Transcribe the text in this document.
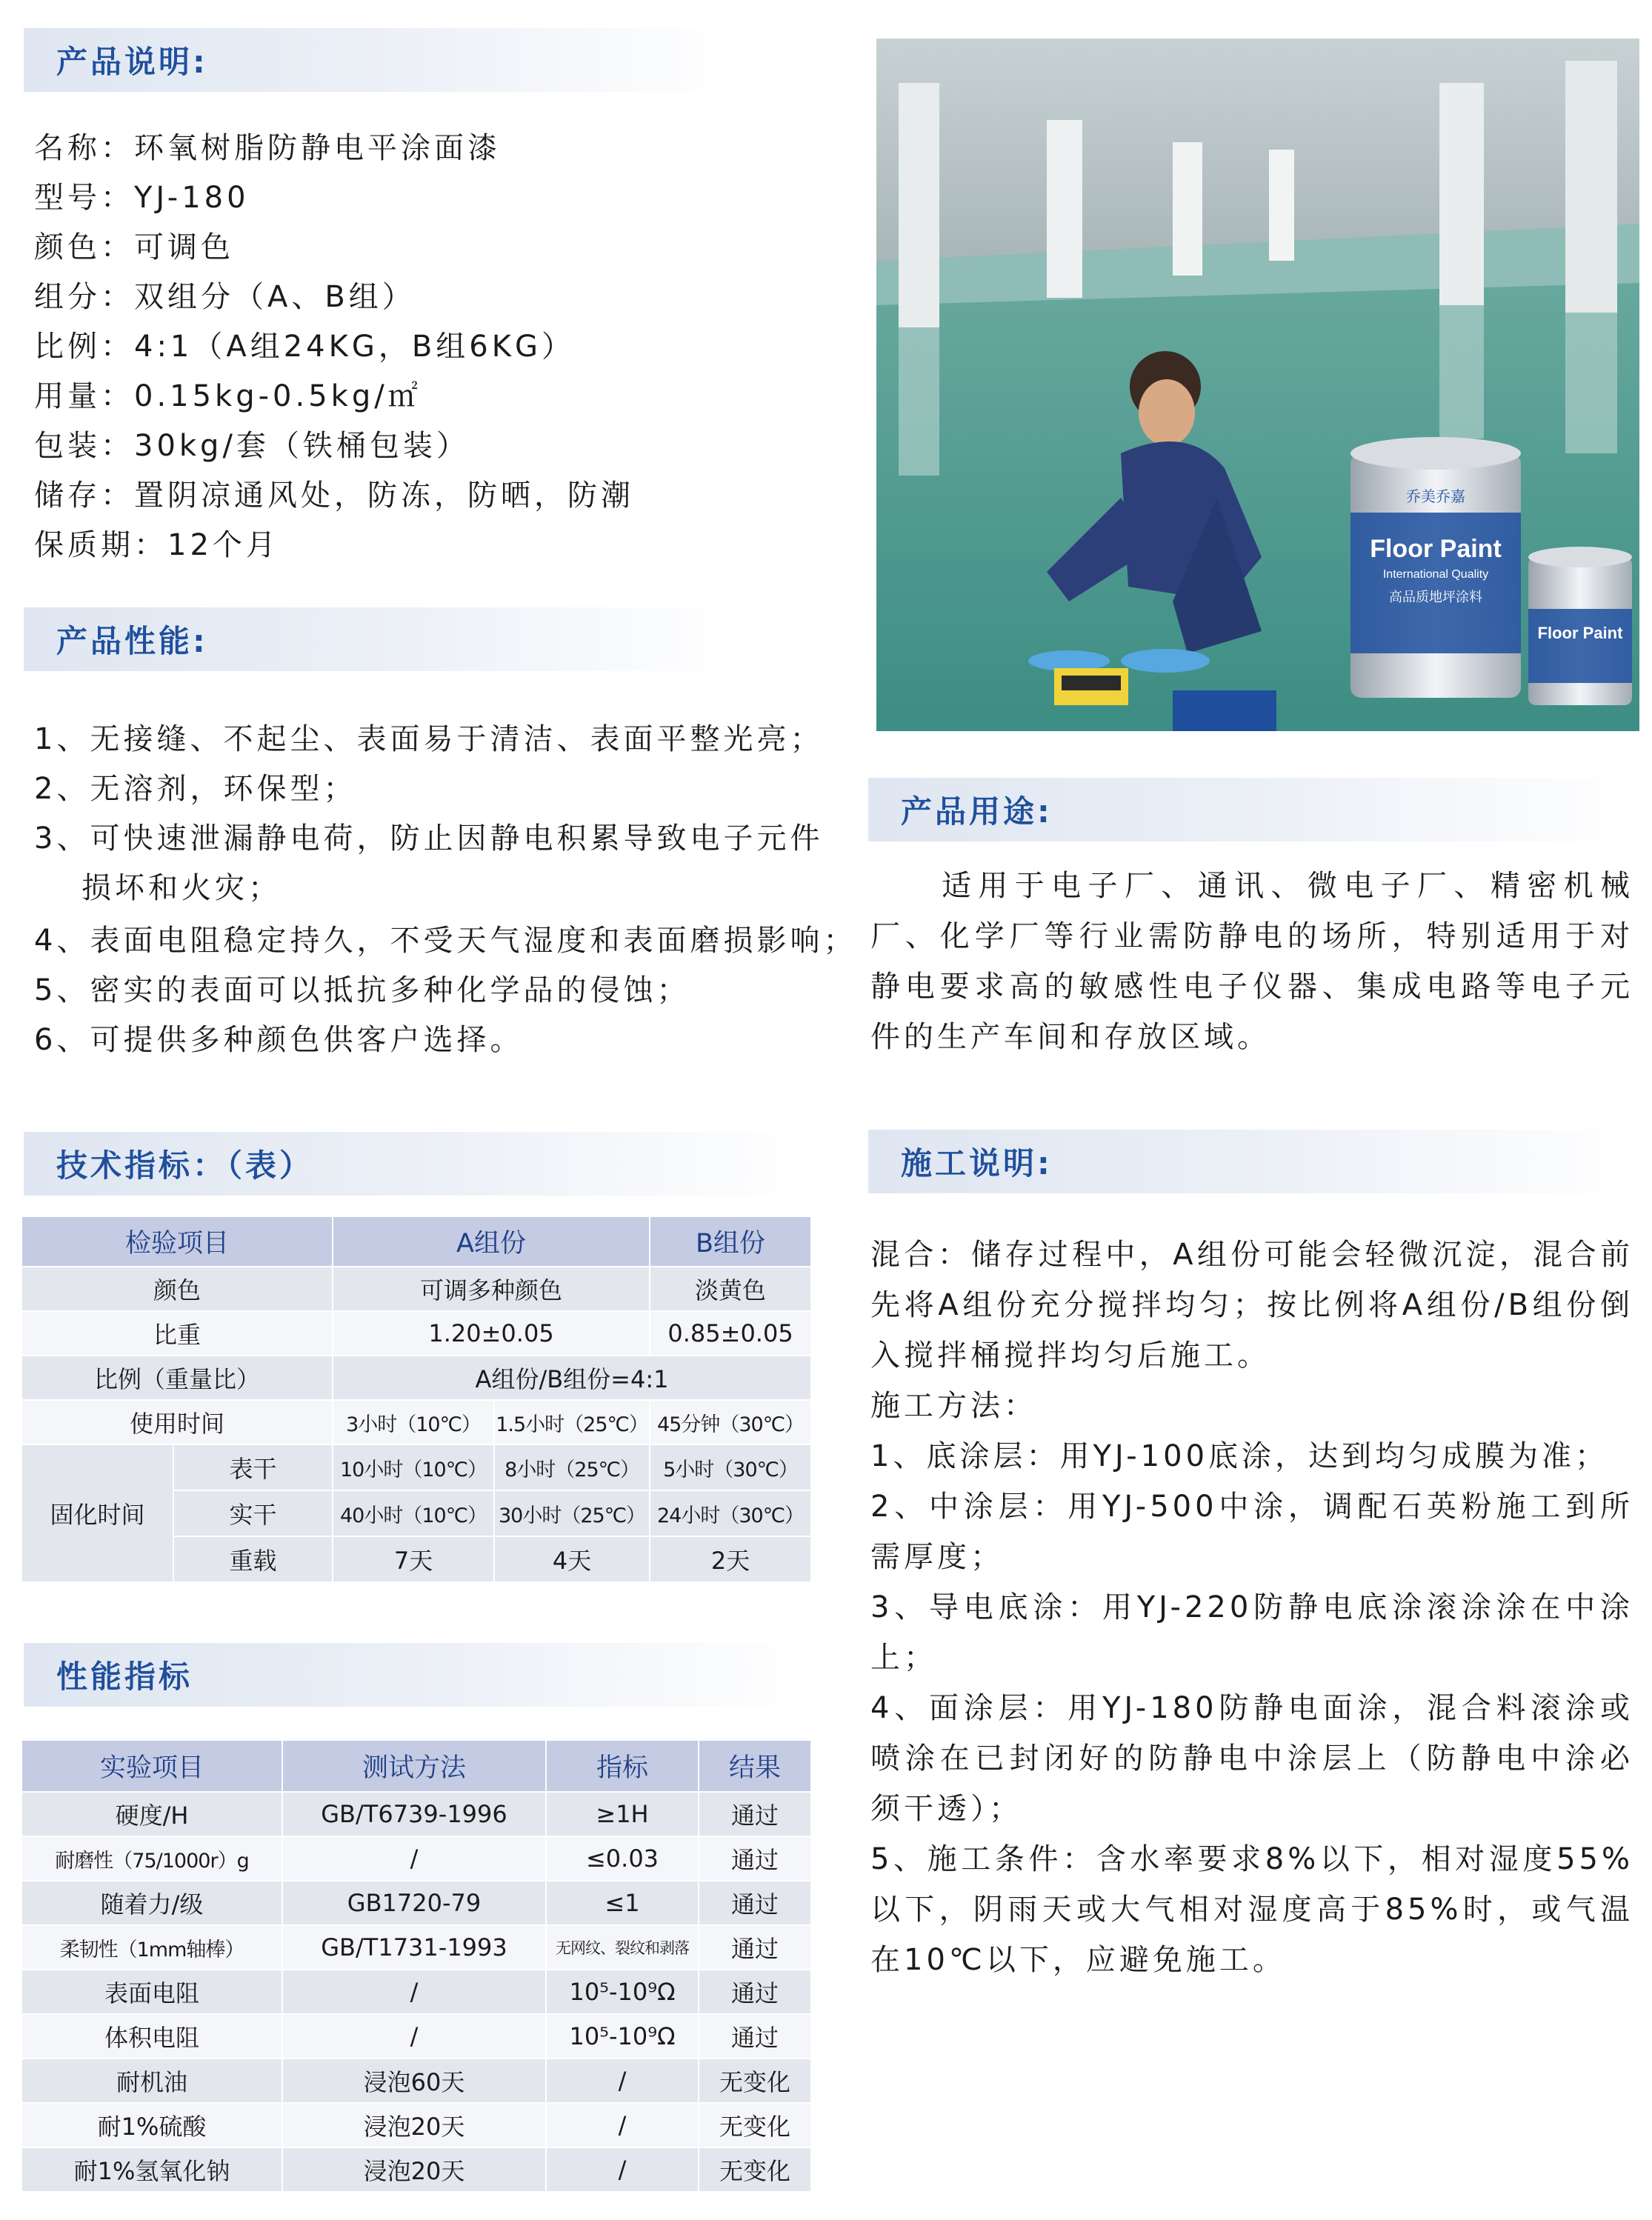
产品说明:
名称：环氧树脂防静电平涂面漆
型号：YJ-180
颜色：可调色
组分：双组分（A、B组）
比例：4:1（A组24KG，B组6KG）
用量：0.15kg-0.5kg/㎡
包装：30kg/套（铁桶包装）
储存：置阴凉通风处，防冻，防晒，防潮
保质期：12个月
产品性能:
1、无接缝、不起尘、表面易于清洁、表面平整光亮；
2、无溶剂，环保型；
3、可快速泄漏静电荷，防止因静电积累导致电子元件
损坏和火灾；
4、表面电阻稳定持久，不受天气湿度和表面磨损影响；
5、密实的表面可以抵抗多种化学品的侵蚀；
6、可提供多种颜色供客户选择。
乔美乔嘉
Floor Paint
International Quality
高品质地坪涂料
Floor Paint
产品用途:
适用于电子厂、通讯、微电子厂、精密机械厂、化学厂等行业需防静电的场所，特别适用于对静电要求高的敏感性电子仪器、集成电路等电子元件的生产车间和存放区域。
施工说明:
混合：储存过程中，A组份可能会轻微沉淀，混合前先将A组份充分搅拌均匀；按比例将A组份/B组份倒入搅拌桶搅拌均匀后施工。
施工方法：
1、底涂层：用YJ-100底涂，达到均匀成膜为准；
2、中涂层：用YJ-500中涂，调配石英粉施工到所需厚度；
3、导电底涂：用YJ-220防静电底涂滚涂涂在中涂上；
4、面涂层：用YJ-180防静电面涂，混合料滚涂或喷涂在已封闭好的防静电中涂层上（防静电中涂必须干透）；
5、施工条件：含水率要求8%以下，相对湿度55%以下，阴雨天或大气相对湿度高于85%时，或气温在10℃以下，应避免施工。
技术指标：（表）
检验项目		A组份		B组份
颜色		可调多种颜色		淡黄色
比重		1.20±0.05		0.85±0.05
比例（重量比）		A组份/B组份=4:1		
使用时间		3小时（10℃）	1.5小时（25℃）	45分钟（30℃）
固化时间	表干	10小时（10℃）	8小时（25℃）	5小时（30℃）
	实干	40小时（10℃）	30小时（25℃）	24小时（30℃）
	重载	7天	4天	2天
性能指标
实验项目	测试方法	指标	结果
硬度/H	GB/T6739-1996	≥1H	通过
耐磨性（75/1000r）g	/	≤0.03	通过
随着力/级	GB1720-79	≤1	通过
柔韧性（1mm轴棒）	GB/T1731-1993	无网纹、裂纹和剥落	通过
表面电阻	/	10⁵-10⁹Ω	通过
体积电阻	/	10⁵-10⁹Ω	通过
耐机油	浸泡60天	/	无变化
耐1%硫酸	浸泡20天	/	无变化
耐1%氢氧化钠	浸泡20天	/	无变化
